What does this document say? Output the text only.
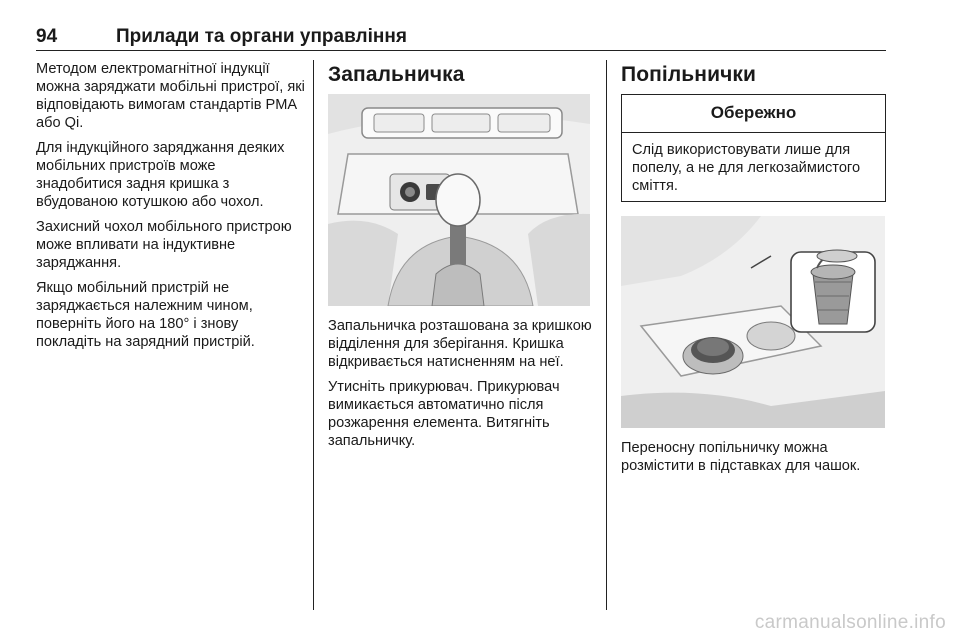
94	Прилади та органи управління

Методом електромагнітної індукції можна заряджати мобільні пристрої, які відповідають вимогам стандартів PMA або Qi.

Для індукційного заряджання деяких мобільних пристроїв може знадобитися задня кришка з вбудованою котушкою або чохол.

Захисний чохол мобільного пристрою може впливати на індуктивне заряджання.

Якщо мобільний пристрій не заряджається належним чином, поверніть його на 180° і знову покладіть на зарядний пристрій.

Запальничка

Запальничка розташована за кришкою відділення для зберігання. Кришка відкривається натисненням на неї.

Утисніть прикурювач. Прикурювач вимикається автоматично після розжарення елемента. Витягніть запальничку.

Попільнички
Обережно

Слід використовувати лише для попелу, а не для легкозаймистого сміття.

Переносну попільничку можна розмістити в підставках для чашок.

carmanualsonline.info
